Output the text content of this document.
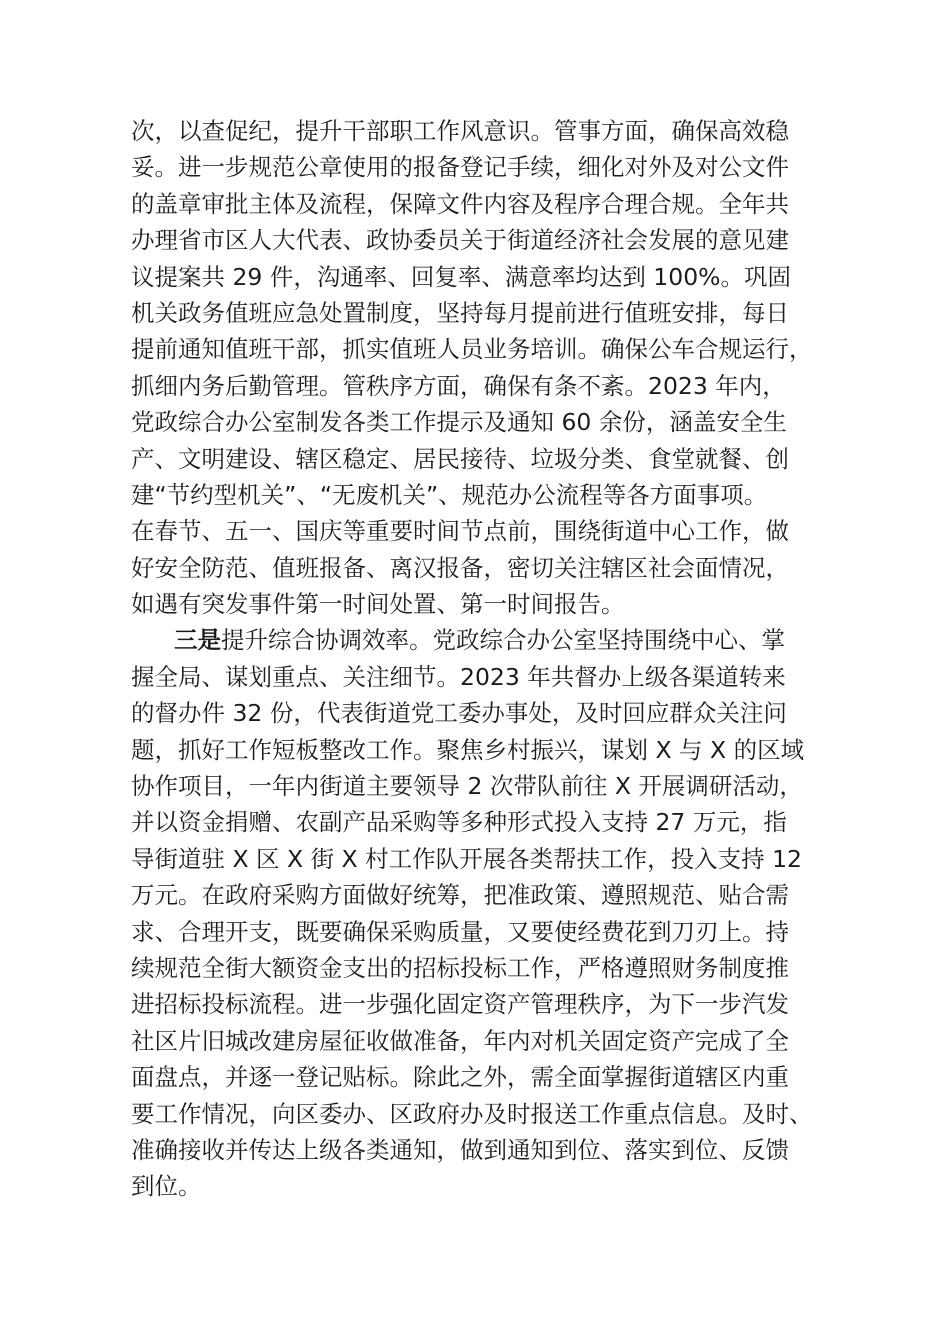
次，以查促纪，提升干部职工作风意识。管事方面，确保高效稳
妥。进一步规范公章使用的报备登记手续，细化对外及对公文件
的盖章审批主体及流程，保障文件内容及程序合理合规。全年共
办理省市区人大代表、政协委员关于街道经济社会发展的意见建
议提案共 29 件，沟通率、回复率、满意率均达到 100%。巩固
机关政务值班应急处置制度，坚持每月提前进行值班安排，每日
提前通知值班干部，抓实值班人员业务培训。确保公车合规运行，
抓细内务后勤管理。管秩序方面，确保有条不紊。2023 年内，
党政综合办公室制发各类工作提示及通知 60 余份，涵盖安全生
产、文明建设、辖区稳定、居民接待、垃圾分类、食堂就餐、创
建“节约型机关”、“无废机关”、规范办公流程等各方面事项。
在春节、五一、国庆等重要时间节点前，围绕街道中心工作，做
好安全防范、值班报备、离汉报备，密切关注辖区社会面情况，
如遇有突发事件第一时间处置、第一时间报告。
三是提升综合协调效率。党政综合办公室坚持围绕中心、掌
握全局、谋划重点、关注细节。2023 年共督办上级各渠道转来
的督办件 32 份，代表街道党工委办事处，及时回应群众关注问
题，抓好工作短板整改工作。聚焦乡村振兴，谋划 X 与 X 的区域
协作项目，一年内街道主要领导 2 次带队前往 X 开展调研活动，
并以资金捐赠、农副产品采购等多种形式投入支持 27 万元，指
导街道驻 X 区 X 街 X 村工作队开展各类帮扶工作，投入支持 12
万元。在政府采购方面做好统筹，把准政策、遵照规范、贴合需
求、合理开支，既要确保采购质量，又要使经费花到刀刃上。持
续规范全街大额资金支出的招标投标工作，严格遵照财务制度推
进招标投标流程。进一步强化固定资产管理秩序，为下一步汽发
社区片旧城改建房屋征收做准备，年内对机关固定资产完成了全
面盘点，并逐一登记贴标。除此之外，需全面掌握街道辖区内重
要工作情况，向区委办、区政府办及时报送工作重点信息。及时、
准确接收并传达上级各类通知，做到通知到位、落实到位、反馈
到位。
